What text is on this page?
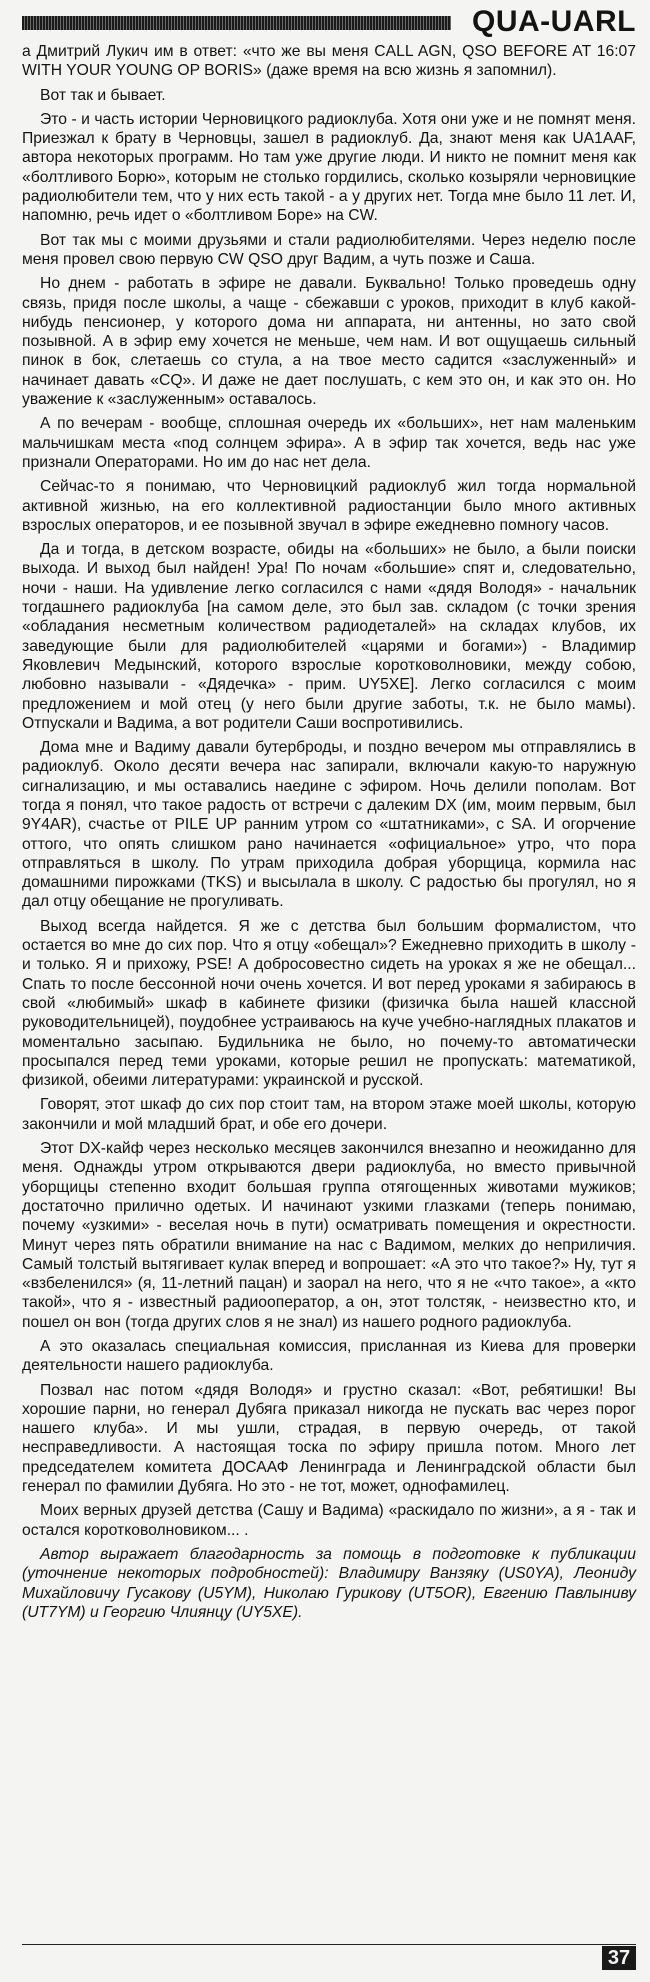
QUA-UARL

а Дмитрий Лукич им в ответ: «что же вы меня CALL AGN, QSO BEFORE AT 16:07 WITH YOUR YOUNG OP BORIS» (даже время на всю жизнь я запомнил).

Вот так и бывает.

Это - и часть истории Черновицкого радиоклуба. Хотя они уже и не помнят меня. Приезжал к брату в Черновцы, зашел в радиоклуб. Да, знают меня как UA1AAF, автора некоторых программ. Но там уже другие люди. И никто не помнит меня как «болтливого Борю», которым не столько гордились, сколько козыряли черновицкие радиолюбители тем, что у них есть такой - а у других нет. Тогда мне было 11 лет. И, напомню, речь идет о «болтливом Боре» на CW.

Вот так мы с моими друзьями и стали радиолюбителями. Через неделю после меня провел свою первую CW QSO друг Вадим, а чуть позже и Саша.

Но днем - работать в эфире не давали. Буквально! Только проведешь одну связь, придя после школы, а чаще - сбежавши с уроков, приходит в клуб какой-нибудь пенсионер, у которого дома ни аппарата, ни антенны, но зато свой позывной. А в эфир ему хочется не меньше, чем нам. И вот ощущаешь сильный пинок в бок, слетаешь со стула, а на твое место садится «заслуженный» и начинает давать «CQ». И даже не дает послушать, с кем это он, и как это он. Но уважение к «заслуженным» оставалось.

А по вечерам - вообще, сплошная очередь их «больших», нет нам маленьким мальчишкам места «под солнцем эфира». А в эфир так хочется, ведь нас уже признали Операторами. Но им до нас нет дела.

Сейчас-то я понимаю, что Черновицкий радиоклуб жил тогда нормальной активной жизнью, на его коллективной радиостанции было много активных взрослых операторов, и ее позывной звучал в эфире ежедневно помногу часов.

Да и тогда, в детском возрасте, обиды на «больших» не было, а были поиски выхода. И выход был найден! Ура! По ночам «большие» спят и, следовательно, ночи - наши. На удивление легко согласился с нами «дядя Володя» - начальник тогдашнего радиоклуба [на самом деле, это был зав. складом (с точки зрения «обладания несметным количеством радиодеталей» на складах клубов, их заведующие были для радиолюбителей «царями и богами») - Владимир Яковлевич Медынский, которого взрослые коротковолновики, между собою, любовно называли - «Дядечка» - прим. UY5XE]. Легко согласился с моим предложением и мой отец (у него были другие заботы, т.к. не было мамы). Отпускали и Вадима, а вот родители Саши воспротивились.

Дома мне и Вадиму давали бутерброды, и поздно вечером мы отправлялись в радиоклуб. Около десяти вечера нас запирали, включали какую-то наружную сигнализацию, и мы оставались наедине с эфиром. Ночь делили пополам. Вот тогда я понял, что такое радость от встречи с далеким DX (им, моим первым, был 9Y4AR), счастье от PILE UP ранним утром со «штатниками», с SA. И огорчение оттого, что опять слишком рано начинается «официальное» утро, что пора отправляться в школу. По утрам приходила добрая уборщица, кормила нас домашними пирожками (TKS) и высылала в школу. С радостью бы прогулял, но я дал отцу обещание не прогуливать.

Выход всегда найдется. Я же с детства был большим формалистом, что остается во мне до сих пор. Что я отцу «обещал»? Ежедневно приходить в школу - и только. Я и прихожу, PSE! А добросовестно сидеть на уроках я же не обещал... Спать то после бессонной ночи очень хочется. И вот перед уроками я забираюсь в свой «любимый» шкаф в кабинете физики (физичка была нашей классной руководительницей), поудобнее устраиваюсь на куче учебно-наглядных плакатов и моментально засыпаю. Будильника не было, но почему-то автоматически просыпался перед теми уроками, которые решил не пропускать: математикой, физикой, обеими литературами: украинской и русской.

Говорят, этот шкаф до сих пор стоит там, на втором этаже моей школы, которую закончили и мой младший брат, и обе его дочери.

Этот DX-кайф через несколько месяцев закончился внезапно и неожиданно для меня. Однажды утром открываются двери радиоклуба, но вместо привычной уборщицы степенно входит большая группа отягощенных животами мужиков; достаточно прилично одетых. И начинают узкими глазками (теперь понимаю, почему «узкими» - веселая ночь в пути) осматривать помещения и окрестности. Минут через пять обратили внимание на нас с Вадимом, мелких до неприличия. Самый толстый вытягивает кулак вперед и вопрошает: «А это что такое?» Ну, тут я «взбеленился» (я, 11-летний пацан) и заорал на него, что я не «что такое», а «кто такой», что я - известный радиооператор, а он, этот толстяк, - неизвестно кто, и пошел он вон (тогда других слов я не знал) из нашего родного радиоклуба.

А это оказалась специальная комиссия, присланная из Киева для проверки деятельности нашего радиоклуба.

Позвал нас потом «дядя Володя» и грустно сказал: «Вот, ребятишки! Вы хорошие парни, но генерал Дубяга приказал никогда не пускать вас через порог нашего клуба». И мы ушли, страдая, в первую очередь, от такой несправедливости. А настоящая тоска по эфиру пришла потом. Много лет председателем комитета ДОСААФ Ленинграда и Ленинградской области был генерал по фамилии Дубяга. Но это - не тот, может, однофамилец.

Моих верных друзей детства (Сашу и Вадима) «раскидало по жизни», а я - так и остался коротковолновиком... .

Автор выражает благодарность за помощь в подготовке к публикации (уточнение некоторых подробностей): Владимиру Ванзяку (US0YA), Леониду Михайловичу Гусакову (U5YM), Николаю Гурикову (UT5OR), Евгению Павлыниву (UT7YM) и Георгию Члиянцу (UY5XE).

37
